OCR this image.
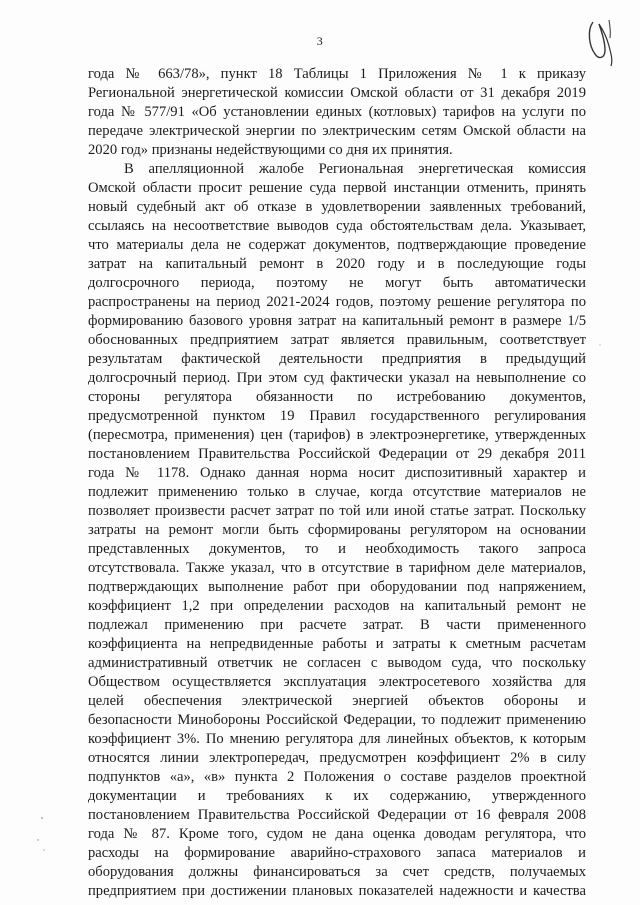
3
года № 663/78», пункт 18 Таблицы 1 Приложения № 1 к приказу
Региональной энергетической комиссии Омской области от 31 декабря 2019
года № 577/91 «Об установлении единых (котловых) тарифов на услуги по
передаче электрической энергии по электрическим сетям Омской области на
2020 год» признаны недействующими со дня их принятия.
В апелляционной жалобе Региональная энергетическая комиссия
Омской области просит решение суда первой инстанции отменить, принять
новый судебный акт об отказе в удовлетворении заявленных требований,
ссылаясь на несоответствие выводов суда обстоятельствам дела. Указывает,
что материалы дела не содержат документов, подтверждающие проведение
затрат на капитальный ремонт в 2020 году и в последующие годы
долгосрочного периода, поэтому не могут быть автоматически
распространены на период 2021-2024 годов, поэтому решение регулятора по
формированию базового уровня затрат на капитальный ремонт в размере 1/5
обоснованных предприятием затрат является правильным, соответствует
результатам фактической деятельности предприятия в предыдущий
долгосрочный период. При этом суд фактически указал на невыполнение со
стороны регулятора обязанности по истребованию документов,
предусмотренной пунктом 19 Правил государственного регулирования
(пересмотра, применения) цен (тарифов) в электроэнергетике, утвержденных
постановлением Правительства Российской Федерации от 29 декабря 2011
года № 1178. Однако данная норма носит диспозитивный характер и
подлежит применению только в случае, когда отсутствие материалов не
позволяет произвести расчет затрат по той или иной статье затрат. Поскольку
затраты на ремонт могли быть сформированы регулятором на основании
представленных документов, то и необходимость такого запроса
отсутствовала. Также указал, что в отсутствие в тарифном деле материалов,
подтверждающих выполнение работ при оборудовании под напряжением,
коэффициент 1,2 при определении расходов на капитальный ремонт не
подлежал применению при расчете затрат. В части примененного
коэффициента на непредвиденные работы и затраты к сметным расчетам
административный ответчик не согласен с выводом суда, что поскольку
Обществом осуществляется эксплуатация электросетевого хозяйства для
целей обеспечения электрической энергией объектов обороны и
безопасности Минобороны Российской Федерации, то подлежит применению
коэффициент 3%. По мнению регулятора для линейных объектов, к которым
относятся линии электропередач, предусмотрен коэффициент 2% в силу
подпунктов «а», «в» пункта 2 Положения о составе разделов проектной
документации и требованиях к их содержанию, утвержденного
постановлением Правительства Российской Федерации от 16 февраля 2008
года № 87. Кроме того, судом не дана оценка доводам регулятора, что
расходы на формирование аварийно-страхового запаса материалов и
оборудования должны финансироваться за счет средств, получаемых
предприятием при достижении плановых показателей надежности и качества
